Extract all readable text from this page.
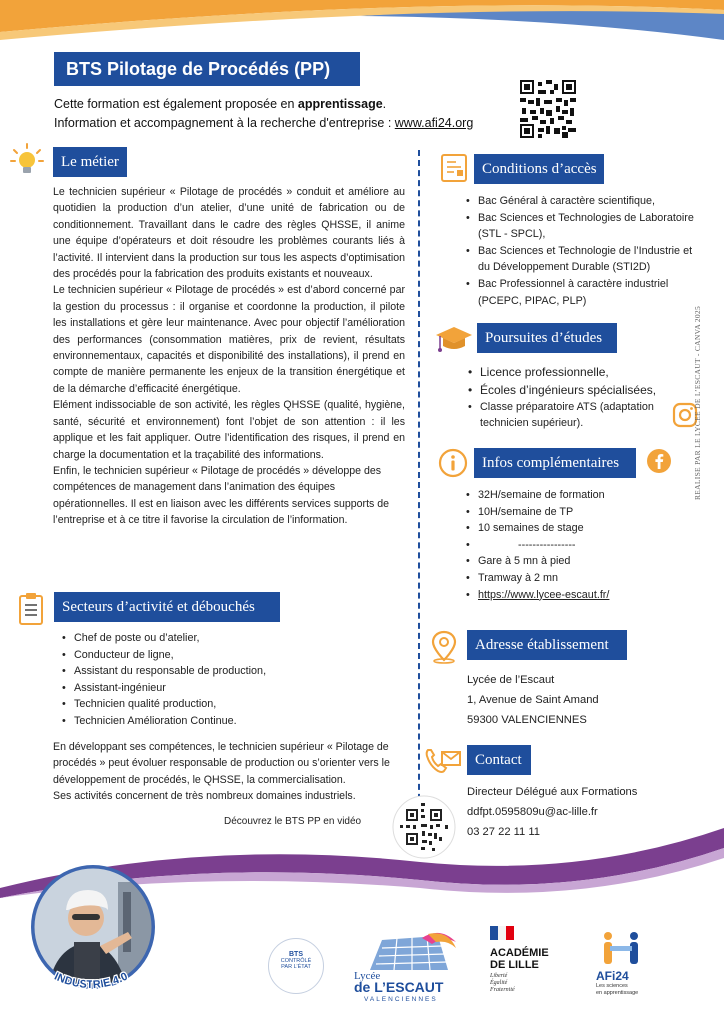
BTS Pilotage de Procédés (PP)
Cette formation est également proposée en apprentissage.
Information et accompagnement à la recherche d'entreprise : www.afi24.org
Le métier

Le technicien supérieur « Pilotage de procédés » conduit et améliore au quotidien la production d’un atelier, d’une unité de fabrication ou de conditionnement. Travaillant dans le cadre des règles QHSSE, il anime une équipe d’opérateurs et doit résoudre les problèmes courants liés à l’activité. Il intervient dans la production sur tous les aspects d’optimisation des procédés pour la fabrication des produits existants et nouveaux.

Le technicien supérieur « Pilotage de procédés » est d’abord concerné par la gestion du processus : il organise et coordonne la production, il pilote les installations et gère leur maintenance. Avec pour objectif l’amélioration des performances (consommation matières, prix de revient, résultats environnementaux, capacités et disponibilité des installations), il prend en compte de manière permanente les enjeux de la transition énergétique et de la démarche d’efficacité énergétique.

Elément indissociable de son activité, les règles QHSSE (qualité, hygiène, santé, sécurité et environnement) font l’objet de son attention : il les applique et les fait appliquer. Outre l’identification des risques, il prend en charge la documentation et la traçabilité des informations.

Enfin, le technicien supérieur « Pilotage de procédés » développe des compétences de management dans l’animation des équipes opérationnelles. Il est en liaison avec les différents services supports de l’entreprise et à ce titre il favorise la circulation de l’information.

Secteurs d’activité et débouchés
• Chef de poste ou d’atelier,
• Conducteur de ligne,
• Assistant du responsable de production,
• Assistant-ingénieur
• Technicien qualité production,
• Technicien Amélioration Continue.

En développant ses compétences, le technicien supérieur « Pilotage de procédés » peut évoluer responsable de production ou s’orienter vers le développement de procédés, le QHSSE, la commercialisation.

Ses activités concernent de très nombreux domaines industriels.

Découvrez le BTS PP en vidéo
Conditions d’accès
• Bac Général à caractère scientifique,
• Bac Sciences et Technologies de Laboratoire (STL - SPCL),
• Bac Sciences et Technologie de l’Industrie et du Développement Durable (STI2D)
• Bac Professionnel à caractère industriel (PCEPC, PIPAC, PLP)
Poursuites d’études
• Licence professionnelle,
• Écoles d’ingénieurs spécialisées,
• Classe préparatoire ATS (adaptation technicien supérieur).
Infos complémentaires
• 32H/semaine de formation
• 10H/semaine de TP
• 10 semaines de stage
• ----------------
• Gare à 5 mn à pied
• Tramway à 2 mn
• https://www.lycee-escaut.fr/
Adresse établissement
Lycée de l’Escaut
1, Avenue de Saint Amand
59300 VALENCIENNES
Contact
Directeur Délégué aux Formations
ddfpt.0595809u@ac-lille.fr
03 27 22 11 11
REALISE PAR LE LYCEE DE L’ESCAUT - CANVA 2025
INDUSTRIE 4.0
BTS
CONTRÔLÉ
PAR L’ÉTAT
Lycée
de L’ESCAUT
VALENCIENNES
ACADÉMIE
DE LILLE
Liberté
Égalité
Fraternité
AFi24
Les sciences
en apprentissage
